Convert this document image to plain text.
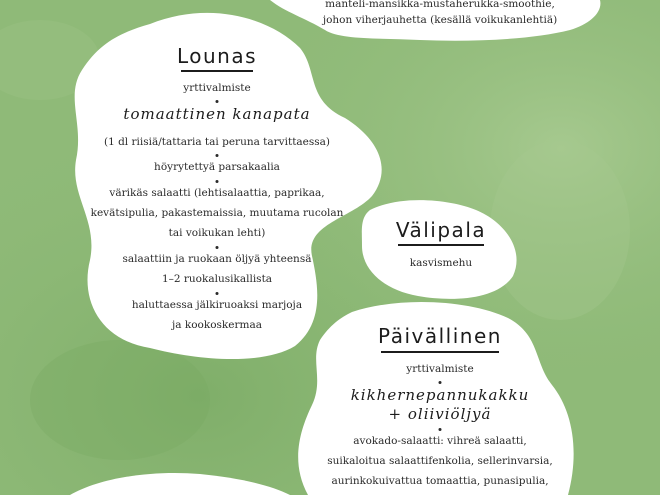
manteli-mansikka-mustaherukka-smoothie,
johon viherjauhetta (kesällä voikukanlehtiä)
Lounas
yrttivalmiste
tomaattinen kanapata
(1 dl riisiä/tattaria tai peruna tarvittaessa)
höyrytettyä parsakaalia
värikäs salaatti (lehtisalaattia, paprikaa,
kevätsipulia, pakastemaissia, muutama rucolan
tai voikukan lehti)
salaattiin ja ruokaan öljyä yhteensä
1–2 ruokalusikallista
haluttaessa jälkiruoaksi marjoja
ja kookoskermaa
Välipala
kasvismehu
Päivällinen
yrttivalmiste
kikhernepannukakku
+ oliiviöljyä
avokado-salaatti: vihreä salaatti,
suikaloitua salaattifenkolia, sellerinvarsia,
aurinkokuivattua tomaattia, punasipulia,
